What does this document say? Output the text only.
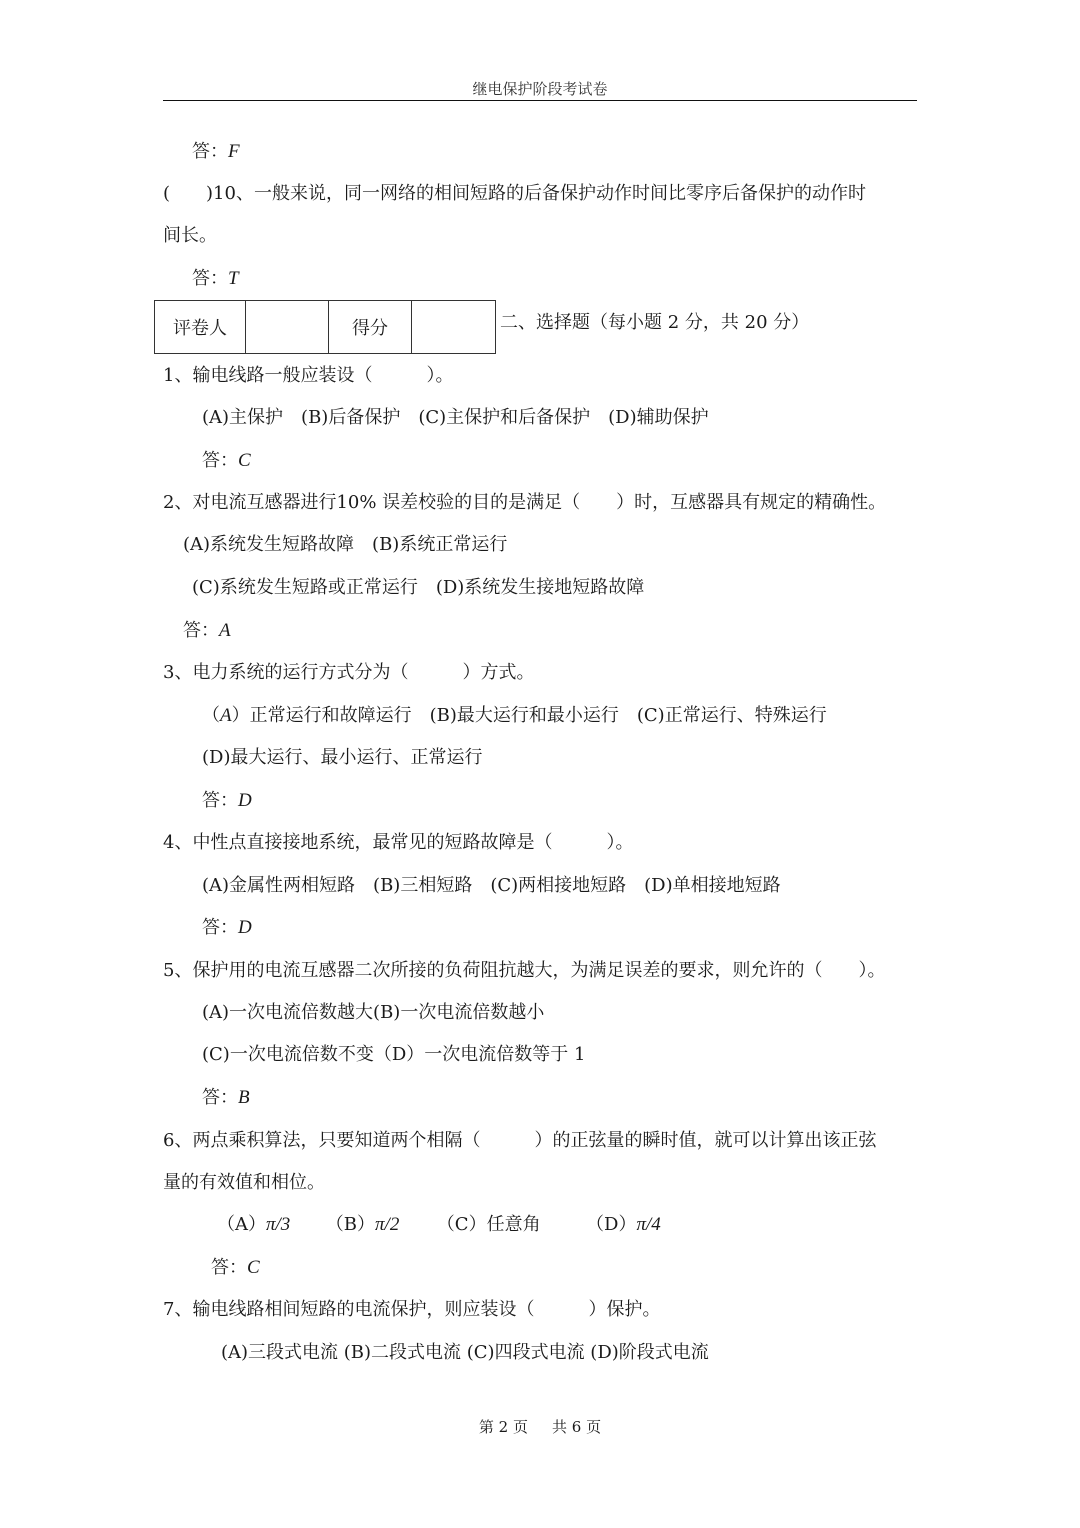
继电保护阶段考试卷
答：F
(　　)10、一般来说，同一网络的相间短路的后备保护动作时间比零序后备保护的动作时
间长。
答：T
评卷人		得分		二、选择题（每小题 2 分，共 20 分）
1、输电线路一般应装设（　　　）。
(A)主保护　(B)后备保护　(C)主保护和后备保护　(D)辅助保护
答：C
2、对电流互感器进行10% 误差校验的目的是满足（　　）时，互感器具有规定的精确性。
(A)系统发生短路故障　(B)系统正常运行
(C)系统发生短路或正常运行　(D)系统发生接地短路故障
答：A
3、电力系统的运行方式分为（　　　）方式。
（A）正常运行和故障运行　(B)最大运行和最小运行　(C)正常运行、特殊运行
(D)最大运行、最小运行、正常运行
答：D
4、中性点直接接地系统，最常见的短路故障是（　　　）。
(A)金属性两相短路　(B)三相短路　(C)两相接地短路　(D)单相接地短路
答：D
5、保护用的电流互感器二次所接的负荷阻抗越大，为满足误差的要求，则允许的（　　）。
(A)一次电流倍数越大(B)一次电流倍数越小
(C)一次电流倍数不变（D）一次电流倍数等于 1
答：B
6、两点乘积算法，只要知道两个相隔（　　　）的正弦量的瞬时值，就可以计算出该正弦
量的有效值和相位。
（A）π/3 （B）π/2 （C）任意角	（D）π/4
答：C
7、输电线路相间短路的电流保护，则应装设（　　　）保护。
(A)三段式电流 (B)二段式电流 (C)四段式电流 (D)阶段式电流
第 2 页 共 6 页
